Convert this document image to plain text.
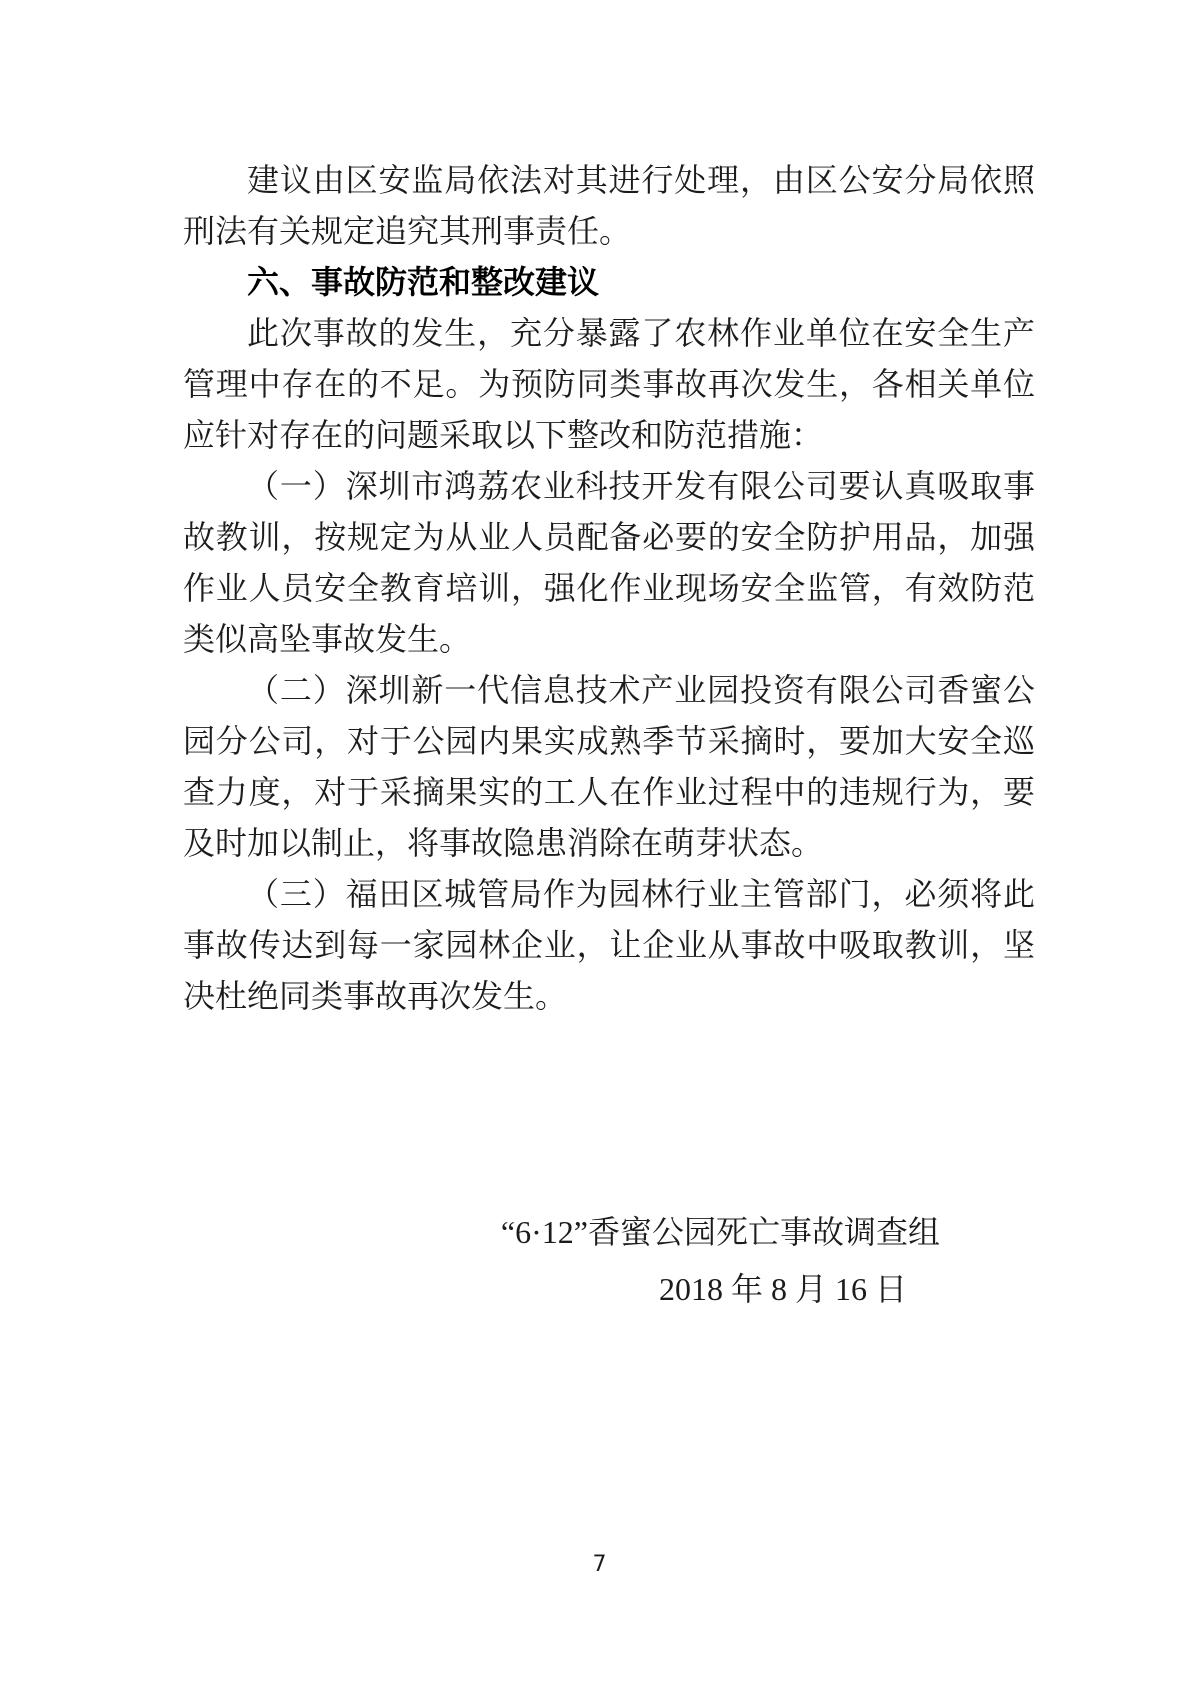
建议由区安监局依法对其进行处理，由区公安分局依照刑法有关规定追究其刑事责任。

六、事故防范和整改建议

此次事故的发生，充分暴露了农林作业单位在安全生产管理中存在的不足。为预防同类事故再次发生，各相关单位应针对存在的问题采取以下整改和防范措施：

（一）深圳市鸿荔农业科技开发有限公司要认真吸取事故教训，按规定为从业人员配备必要的安全防护用品，加强作业人员安全教育培训，强化作业现场安全监管，有效防范类似高坠事故发生。

（二）深圳新一代信息技术产业园投资有限公司香蜜公园分公司，对于公园内果实成熟季节采摘时，要加大安全巡查力度，对于采摘果实的工人在作业过程中的违规行为，要及时加以制止，将事故隐患消除在萌芽状态。

（三）福田区城管局作为园林行业主管部门，必须将此事故传达到每一家园林企业，让企业从事故中吸取教训，坚决杜绝同类事故再次发生。

“6·12”香蜜公园死亡事故调查组

2018 年 8 月 16 日

7
